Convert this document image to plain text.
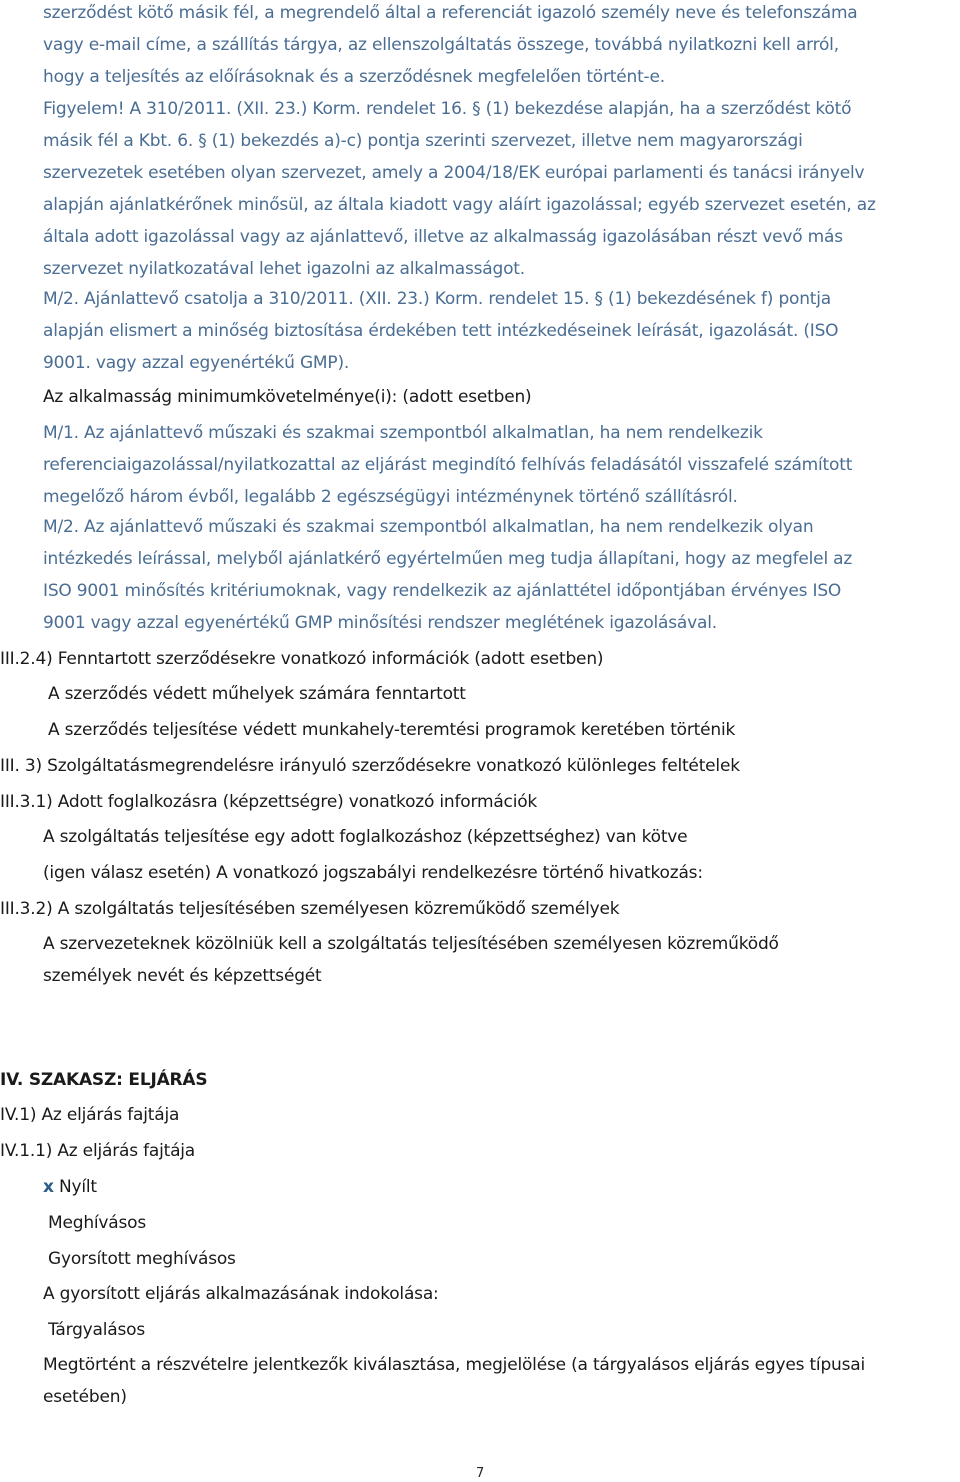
szerződést kötő másik fél, a megrendelő által a referenciát igazoló személy neve és telefonszáma
vagy e-mail címe, a szállítás tárgya, az ellenszolgáltatás összege, továbbá nyilatkozni kell arról,
hogy a teljesítés az előírásoknak és a szerződésnek megfelelően történt-e.
Figyelem! A 310/2011. (XII. 23.) Korm. rendelet 16. § (1) bekezdése alapján, ha a szerződést kötő
másik fél a Kbt. 6. § (1) bekezdés a)-c) pontja szerinti szervezet, illetve nem magyarországi
szervezetek esetében olyan szervezet, amely a 2004/18/EK európai parlamenti és tanácsi irányelv
alapján ajánlatkérőnek minősül, az általa kiadott vagy aláírt igazolással; egyéb szervezet esetén, az
általa adott igazolással vagy az ajánlattevő, illetve az alkalmasság igazolásában részt vevő más
szervezet nyilatkozatával lehet igazolni az alkalmasságot.
M/2. Ajánlattevő csatolja a 310/2011. (XII. 23.) Korm. rendelet 15. § (1) bekezdésének f) pontja
alapján elismert a minőség biztosítása érdekében tett intézkedéseinek leírását, igazolását. (ISO
9001. vagy azzal egyenértékű GMP).
Az alkalmasság minimumkövetelménye(i): (adott esetben)
M/1. Az ajánlattevő műszaki és szakmai szempontból alkalmatlan, ha nem rendelkezik
referenciaigazolással/nyilatkozattal az eljárást megindító felhívás feladásától visszafelé számított
megelőző három évből, legalább 2 egészségügyi intézménynek történő szállításról.
M/2. Az ajánlattevő műszaki és szakmai szempontból alkalmatlan, ha nem rendelkezik olyan
intézkedés leírással, melyből ajánlatkérő egyértelműen meg tudja állapítani, hogy az megfelel az
ISO 9001 minősítés kritériumoknak, vagy rendelkezik az ajánlattétel időpontjában érvényes ISO
9001 vagy azzal egyenértékű GMP minősítési rendszer meglétének igazolásával.
III.2.4) Fenntartott szerződésekre vonatkozó információk (adott esetben)
A szerződés védett műhelyek számára fenntartott
A szerződés teljesítése védett munkahely-teremtési programok keretében történik
III. 3) Szolgáltatásmegrendelésre irányuló szerződésekre vonatkozó különleges feltételek
III.3.1) Adott foglalkozásra (képzettségre) vonatkozó információk
A szolgáltatás teljesítése egy adott foglalkozáshoz (képzettséghez) van kötve
(igen válasz esetén) A vonatkozó jogszabályi rendelkezésre történő hivatkozás:
III.3.2) A szolgáltatás teljesítésében személyesen közreműködő személyek
A szervezeteknek közölniük kell a szolgáltatás teljesítésében személyesen közreműködő
személyek nevét és képzettségét
IV. SZAKASZ: ELJÁRÁS
IV.1) Az eljárás fajtája
IV.1.1) Az eljárás fajtája
x Nyílt
Meghívásos
Gyorsított meghívásos
A gyorsított eljárás alkalmazásának indokolása:
Tárgyalásos
Megtörtént a részvételre jelentkezők kiválasztása, megjelölése (a tárgyalásos eljárás egyes típusai
esetében)
7
